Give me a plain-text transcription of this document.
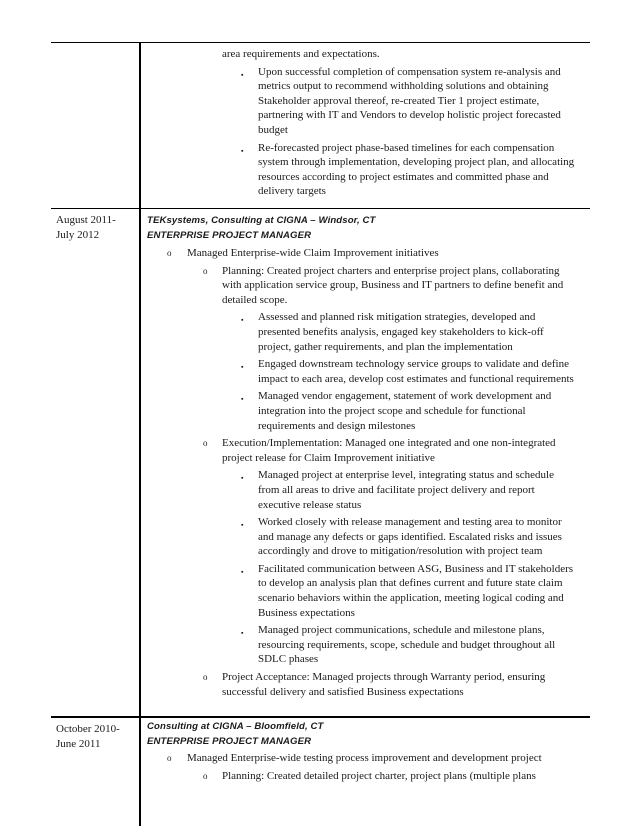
area requirements and expectations.
▪ Upon successful completion of compensation system re-analysis and metrics output to recommend withholding solutions and obtaining Stakeholder approval thereof, re-created Tier 1 project estimate, partnering with IT and Vendors to develop holistic project forecasted budget
▪ Re-forecasted project phase-based timelines for each compensation system through implementation, developing project plan, and allocating resources according to project estimates and committed phase and delivery targets
August 2011-
July 2012
TEKsystems, Consulting at CIGNA – Windsor, CT
ENTERPRISE PROJECT MANAGER
o Managed Enterprise-wide Claim Improvement initiatives
o Planning: Created project charters and enterprise project plans, collaborating with application service group, Business and IT partners to define benefit and detailed scope.
▪ Assessed and planned risk mitigation strategies, developed and presented benefits analysis, engaged key stakeholders to kick-off project, gather requirements, and plan the implementation
▪ Engaged downstream technology service groups to validate and define impact to each area, develop cost estimates and functional requirements
▪ Managed vendor engagement, statement of work development and integration into the project scope and schedule for functional requirements and design milestones
o Execution/Implementation: Managed one integrated and one non-integrated project release for Claim Improvement initiative
▪ Managed project at enterprise level, integrating status and schedule from all areas to drive and facilitate project delivery and report executive release status
▪ Worked closely with release management and testing area to monitor and manage any defects or gaps identified. Escalated risks and issues accordingly and drove to mitigation/resolution with project team
▪ Facilitated communication between ASG, Business and IT stakeholders to develop an analysis plan that defines current and future state claim scenario behaviors within the application, meeting logical coding and Business expectations
▪ Managed project communications, schedule and milestone plans, resourcing requirements, scope, schedule and budget throughout all SDLC phases
o Project Acceptance: Managed projects through Warranty period, ensuring successful delivery and satisfied Business expectations
October 2010-
June 2011
Consulting at CIGNA – Bloomfield, CT
ENTERPRISE PROJECT MANAGER
o Managed Enterprise-wide testing process improvement and development project
o Planning: Created detailed project charter, project plans (multiple plans
